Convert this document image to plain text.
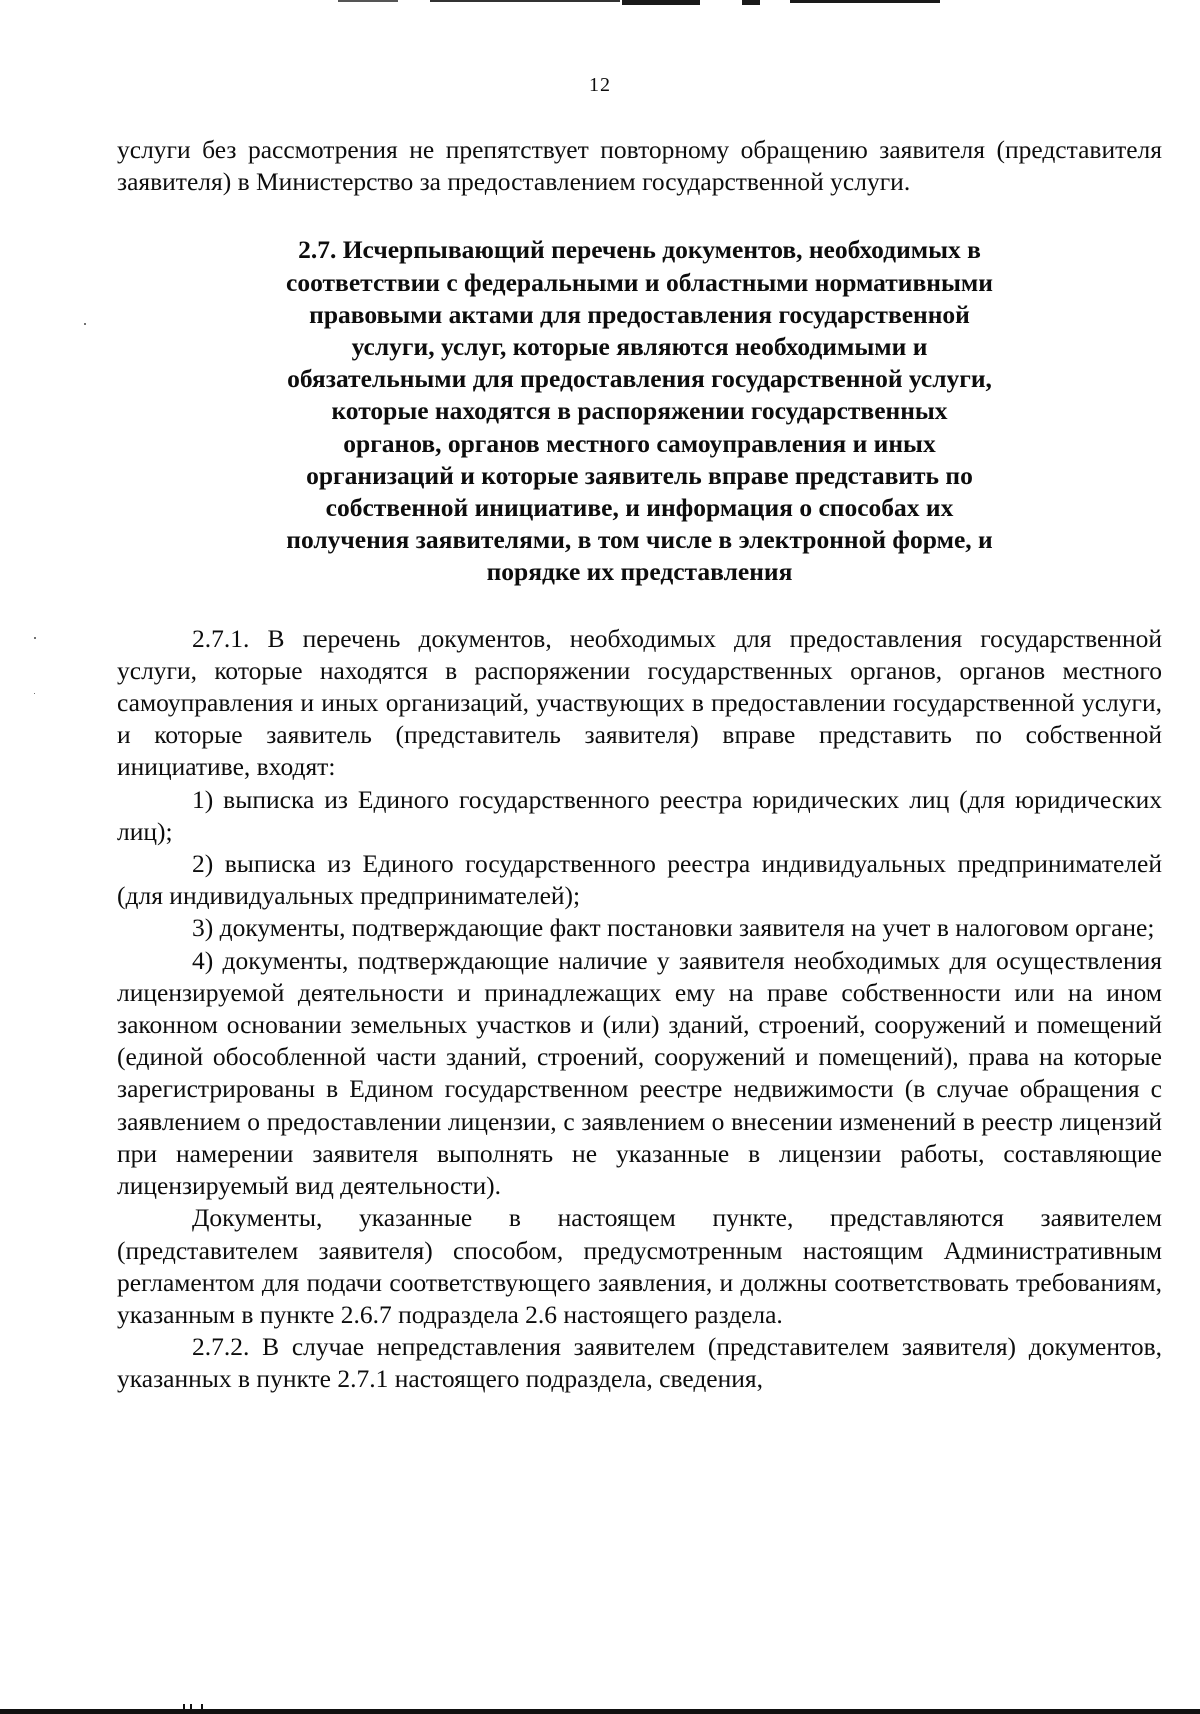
12

услуги без рассмотрения не препятствует повторному обращению заявителя (представителя заявителя) в Министерство за предоставлением государственной услуги.

2.7. Исчерпывающий перечень документов, необходимых в соответствии с федеральными и областными нормативными правовыми актами для предоставления государственной услуги, услуг, которые являются необходимыми и обязательными для предоставления государственной услуги, которые находятся в распоряжении государственных органов, органов местного самоуправления и иных организаций и которые заявитель вправе представить по собственной инициативе, и информация о способах их получения заявителями, в том числе в электронной форме, и порядке их представления

2.7.1. В перечень документов, необходимых для предоставления государственной услуги, которые находятся в распоряжении государственных органов, органов местного самоуправления и иных организаций, участвующих в предоставлении государственной услуги, и которые заявитель (представитель заявителя) вправе представить по собственной инициативе, входят:

1) выписка из Единого государственного реестра юридических лиц (для юридических лиц);

2) выписка из Единого государственного реестра индивидуальных предпринимателей (для индивидуальных предпринимателей);

3) документы, подтверждающие факт постановки заявителя на учет в налоговом органе;

4) документы, подтверждающие наличие у заявителя необходимых для осуществления лицензируемой деятельности и принадлежащих ему на праве собственности или на ином законном основании земельных участков и (или) зданий, строений, сооружений и помещений (единой обособленной части зданий, строений, сооружений и помещений), права на которые зарегистрированы в Едином государственном реестре недвижимости (в случае обращения с заявлением о предоставлении лицензии, с заявлением о внесении изменений в реестр лицензий при намерении заявителя выполнять не указанные в лицензии работы, составляющие лицензируемый вид деятельности).

Документы, указанные в настоящем пункте, представляются заявителем (представителем заявителя) способом, предусмотренным настоящим Административным регламентом для подачи соответствующего заявления, и должны соответствовать требованиям, указанным в пункте 2.6.7 подраздела 2.6 настоящего раздела.

2.7.2. В случае непредставления заявителем (представителем заявителя) документов, указанных в пункте 2.7.1 настоящего подраздела, сведения,
